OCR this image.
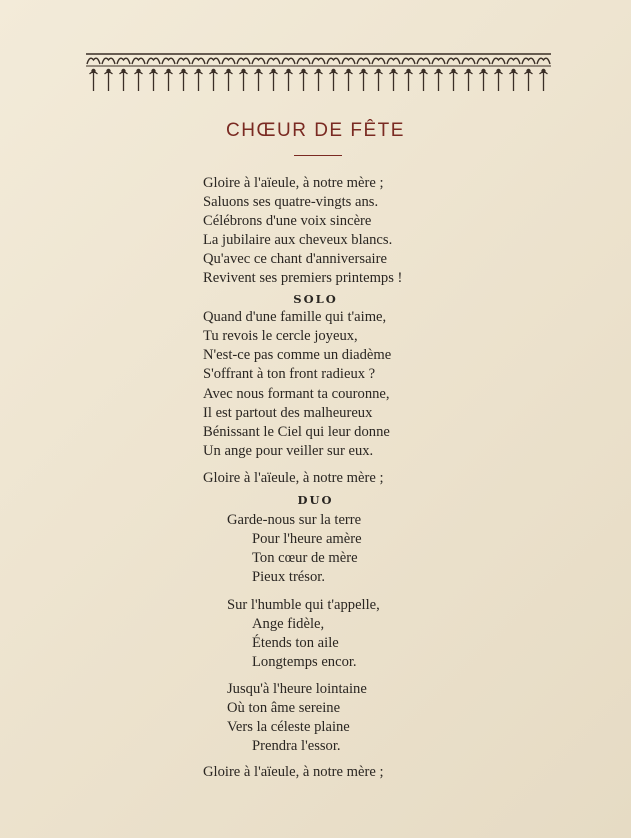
CHŒUR DE FÊTE
Gloire à l'aïeule, à notre mère ;
Saluons ses quatre-vingts ans.
Célébrons d'une voix sincère
La jubilaire aux cheveux blancs.
Qu'avec ce chant d'anniversaire
Revivent ses premiers printemps !
SOLO
Quand d'une famille qui t'aime,
Tu revois le cercle joyeux,
N'est-ce pas comme un diadème
S'offrant à ton front radieux ?
Avec nous formant ta couronne,
Il est partout des malheureux
Bénissant le Ciel qui leur donne
Un ange pour veiller sur eux.
Gloire à l'aïeule, à notre mère ;
DUO
Garde-nous sur la terre
Pour l'heure amère
Ton cœur de mère
Pieux trésor.
Sur l'humble qui t'appelle,
Ange fidèle,
Étends ton aile
Longtemps encor.
Jusqu'à l'heure lointaine
Où ton âme sereine
Vers la céleste plaine
Prendra l'essor.
Gloire à l'aïeule, à notre mère ;
